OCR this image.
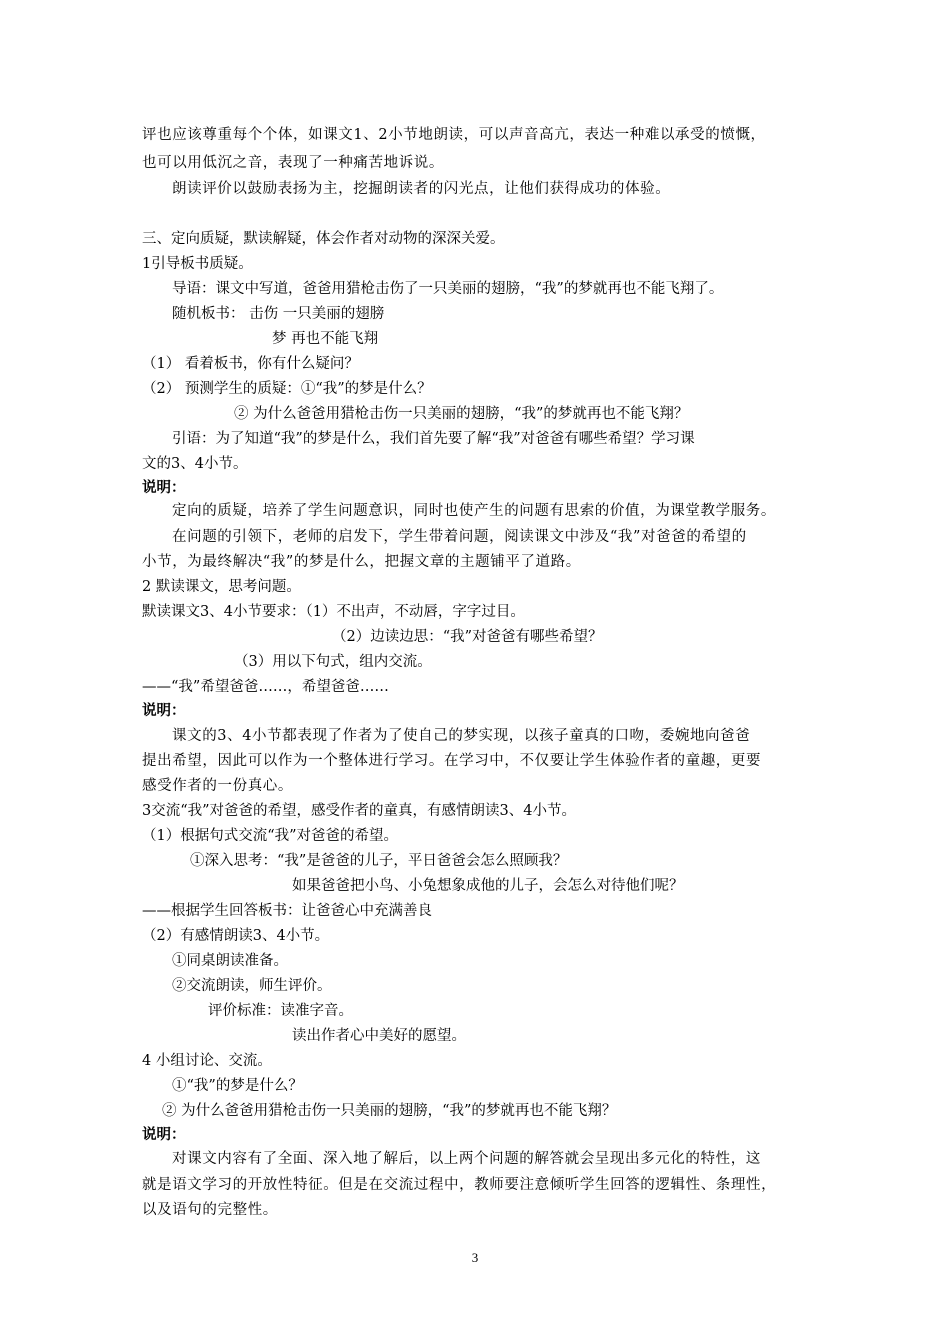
评也应该尊重每个个体，如课文1、2小节地朗读，可以声音高亢，表达一种难以承受的愤慨，
也可以用低沉之音，表现了一种痛苦地诉说。
朗读评价以鼓励表扬为主，挖掘朗读者的闪光点，让他们获得成功的体验。
三、定向质疑，默读解疑，体会作者对动物的深深关爱。
1引导板书质疑。
导语：课文中写道，爸爸用猎枪击伤了一只美丽的翅膀，“我”的梦就再也不能飞翔了。
随机板书： 击伤 一只美丽的翅膀
梦 再也不能飞翔
（1） 看着板书，你有什么疑问？
（2） 预测学生的质疑：①“我”的梦是什么？
② 为什么爸爸用猎枪击伤一只美丽的翅膀，“我”的梦就再也不能飞翔？
引语：为了知道“我”的梦是什么，我们首先要了解“我”对爸爸有哪些希望？学习课
文的3、4小节。
说明：
定向的质疑，培养了学生问题意识，同时也使产生的问题有思索的价值，为课堂教学服务。
在问题的引领下，老师的启发下，学生带着问题，阅读课文中涉及“我”对爸爸的希望的
小节，为最终解决“我”的梦是什么，把握文章的主题铺平了道路。
2 默读课文，思考问题。
默读课文3、4小节要求：（1）不出声，不动唇，字字过目。
（2）边读边思：“我”对爸爸有哪些希望？
（3）用以下句式，组内交流。
——“我”希望爸爸……，希望爸爸……
说明：
课文的3、4小节都表现了作者为了使自己的梦实现，以孩子童真的口吻，委婉地向爸爸
提出希望，因此可以作为一个整体进行学习。在学习中，不仅要让学生体验作者的童趣，更要
感受作者的一份真心。
3交流“我”对爸爸的希望，感受作者的童真，有感情朗读3、4小节。
（1）根据句式交流“我”对爸爸的希望。
①深入思考：“我”是爸爸的儿子，平日爸爸会怎么照顾我？
如果爸爸把小鸟、小兔想象成他的儿子，会怎么对待他们呢？
——根据学生回答板书：让爸爸心中充满善良
（2）有感情朗读3、4小节。
①同桌朗读准备。
②交流朗读，师生评价。
评价标准：读准字音。
读出作者心中美好的愿望。
4 小组讨论、交流。
①“我”的梦是什么？
② 为什么爸爸用猎枪击伤一只美丽的翅膀，“我”的梦就再也不能飞翔？
说明：
对课文内容有了全面、深入地了解后，以上两个问题的解答就会呈现出多元化的特性，这
就是语文学习的开放性特征。但是在交流过程中，教师要注意倾听学生回答的逻辑性、条理性，
以及语句的完整性。
3
